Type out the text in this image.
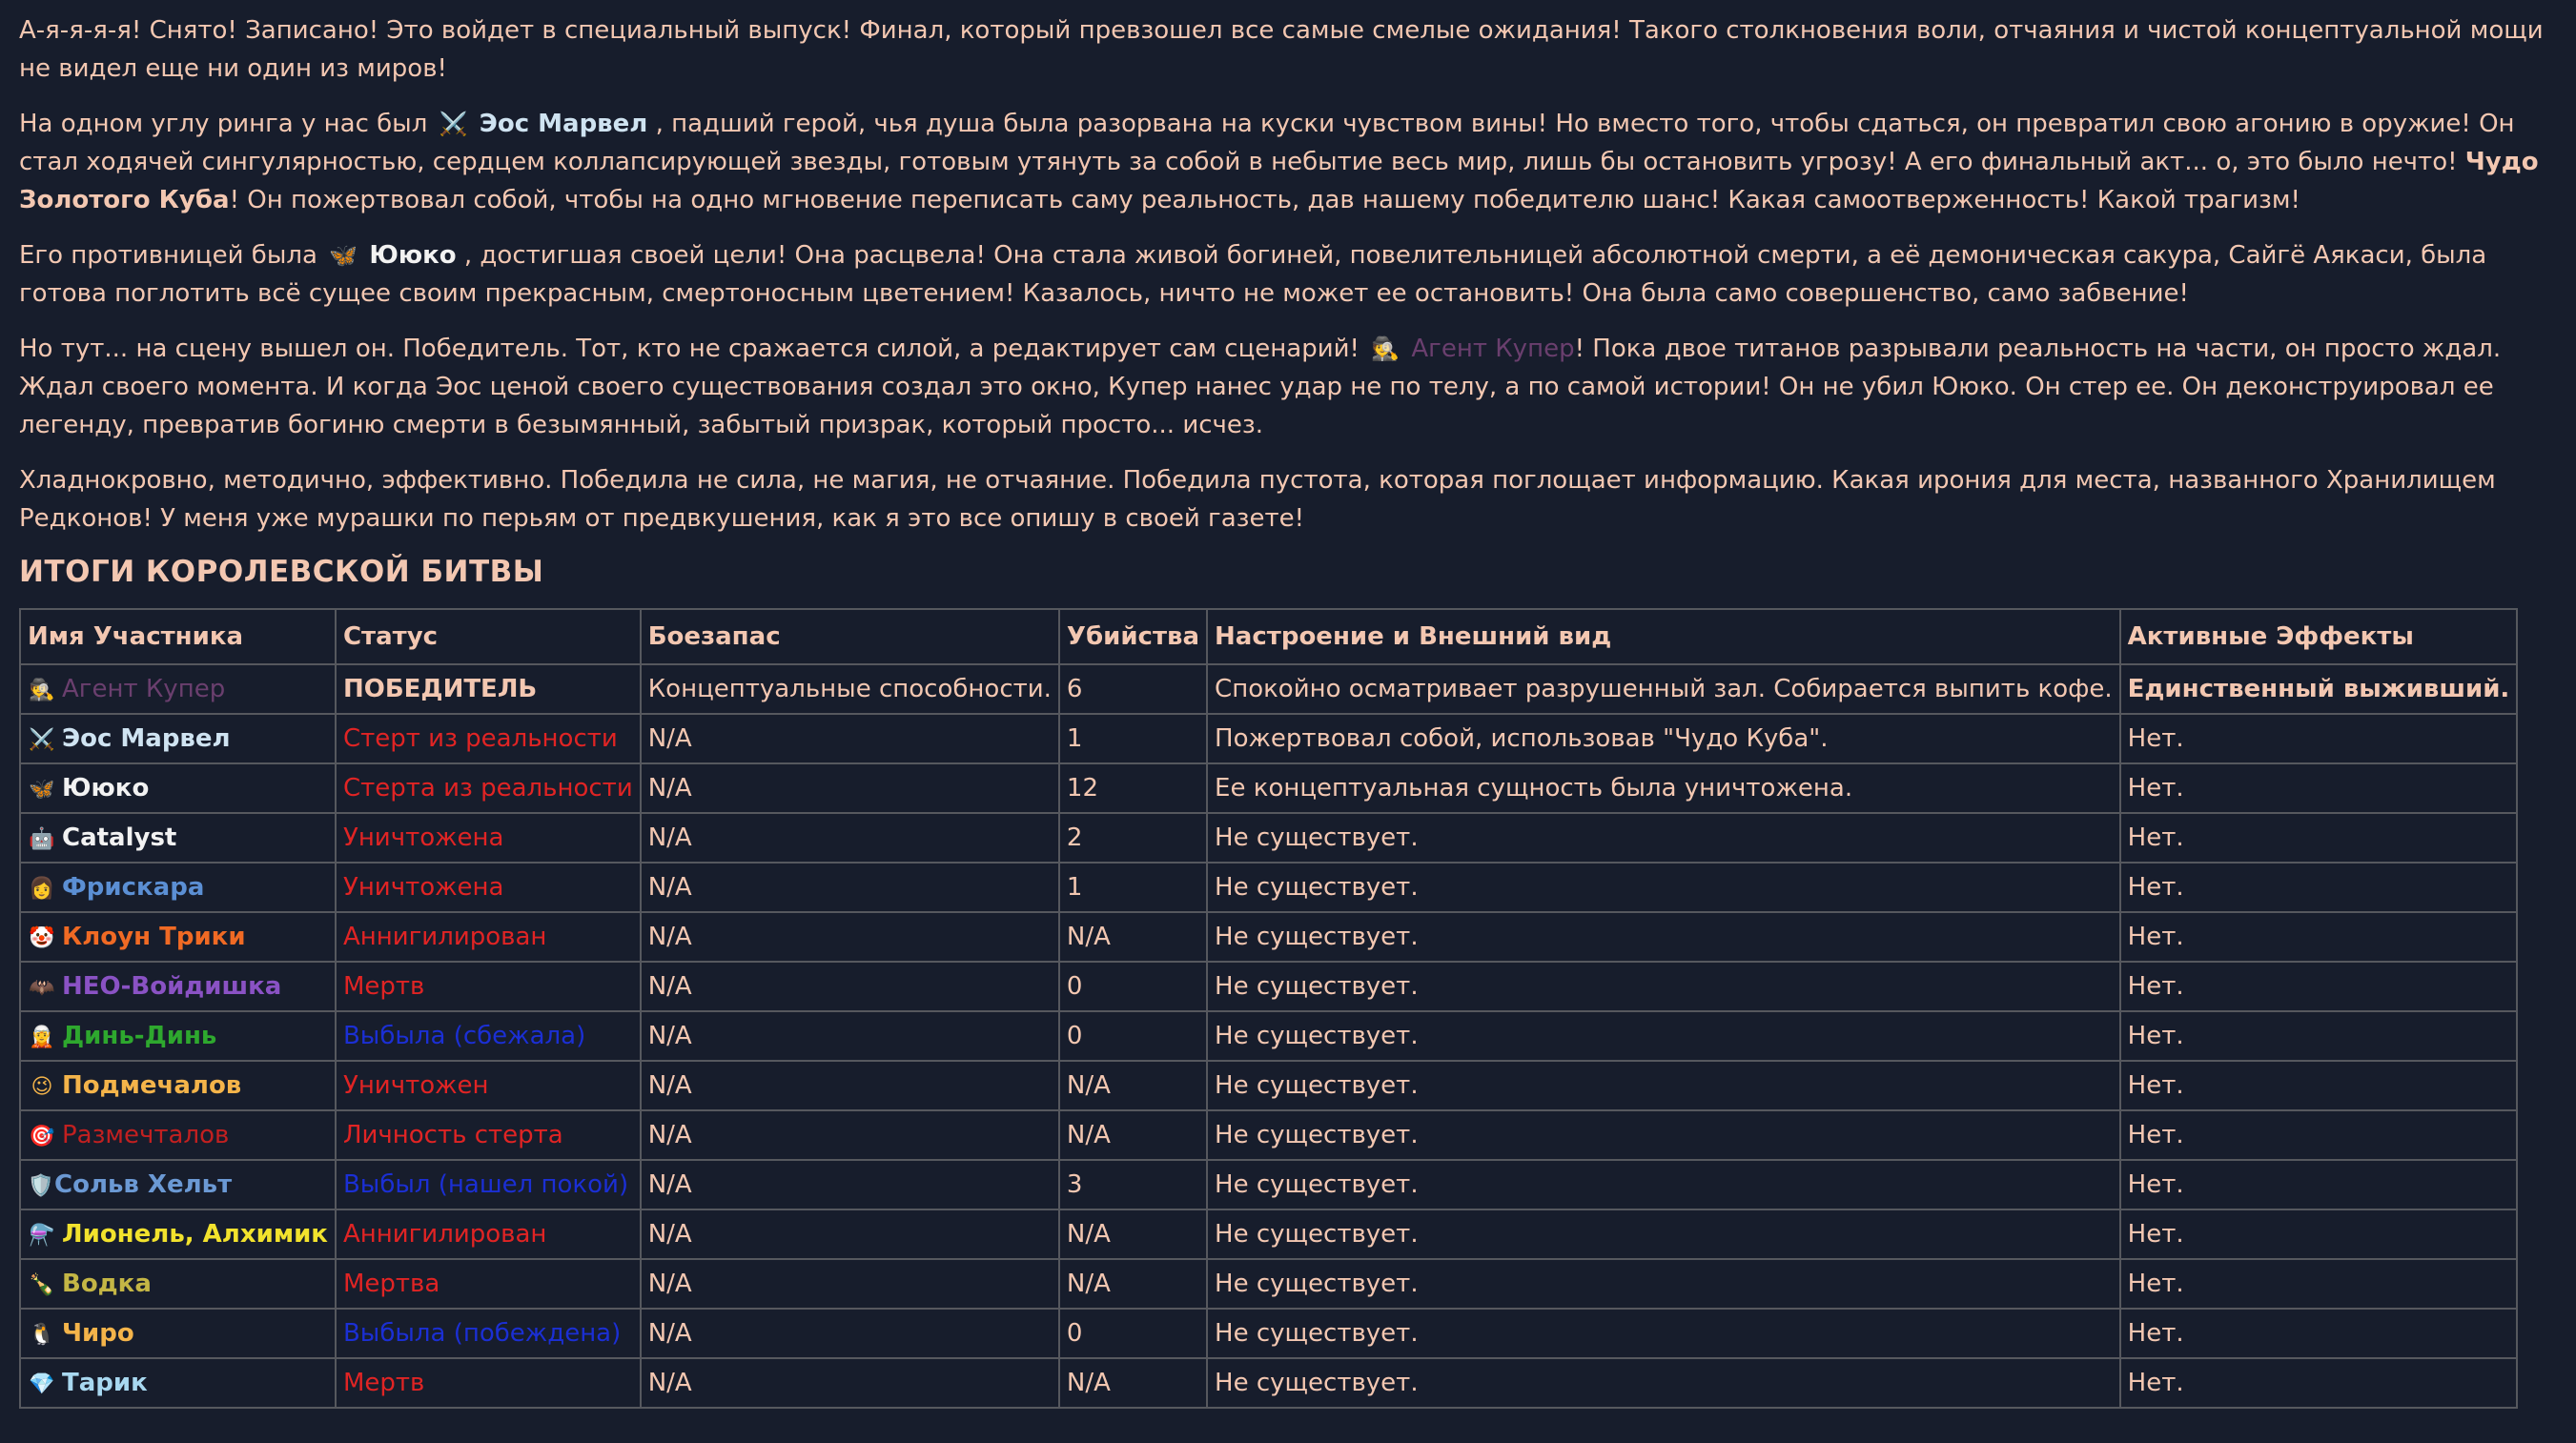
А-я-я-я-я! Снято! Записано! Это войдет в специальный выпуск! Финал, который превзошел все самые смелые ожидания! Такого столкновения воли, отчаяния и чистой концептуальной мощи не видел еще ни один из миров!

На одном углу ринга у нас был ⚔️ Эос Марвел , падший герой, чья душа была разорвана на куски чувством вины! Но вместо того, чтобы сдаться, он превратил свою агонию в оружие! Он стал ходячей сингулярностью, сердцем коллапсирующей звезды, готовым утянуть за собой в небытие весь мир, лишь бы остановить угрозу! А его финальный акт... о, это было нечто! Чудо Золотого Куба! Он пожертвовал собой, чтобы на одно мгновение переписать саму реальность, дав нашему победителю шанс! Какая самоотверженность! Какой трагизм!

Его противницей была 🦋 Ююко , достигшая своей цели! Она расцвела! Она стала живой богиней, повелительницей абсолютной смерти, а её демоническая сакура, Сайгё Аякаси, была готова поглотить всё сущее своим прекрасным, смертоносным цветением! Казалось, ничто не может ее остановить! Она была само совершенство, само забвение!

Но тут... на сцену вышел он. Победитель. Тот, кто не сражается силой, а редактирует сам сценарий! 🕵️ Агент Купер! Пока двое титанов разрывали реальность на части, он просто ждал. Ждал своего момента. И когда Эос ценой своего существования создал это окно, Купер нанес удар не по телу, а по самой истории! Он не убил Ююко. Он стер ее. Он деконструировал ее легенду, превратив богиню смерти в безымянный, забытый призрак, который просто... исчез.

Хладнокровно, методично, эффективно. Победила не сила, не магия, не отчаяние. Победила пустота, которая поглощает информацию. Какая ирония для места, названного Хранилищем Редконов! У меня уже мурашки по перьям от предвкушения, как я это все опишу в своей газете!

ИТОГИ КОРОЛЕВСКОЙ БИТВЫ
Имя Участника	Статус	Боезапас	Убийства	Настроение и Внешний вид	Активные Эффекты
🕵️ Агент Купер	ПОБЕДИТЕЛЬ	Концептуальные способности.	6	Спокойно осматривает разрушенный зал. Собирается выпить кофе.	Единственный выживший.
⚔️ Эос Марвел	Стерт из реальности	N/A	1	Пожертвовал собой, использовав "Чудо Куба".	Нет.
🦋 Ююко	Стерта из реальности	N/A	12	Ее концептуальная сущность была уничтожена.	Нет.
🤖 Catalyst	Уничтожена	N/A	2	Не существует.	Нет.
👩 Фрискара	Уничтожена	N/A	1	Не существует.	Нет.
🤡 Клоун Трики	Аннигилирован	N/A	N/A	Не существует.	Нет.
🦇 НЕО-Войдишка	Мертв	N/A	0	Не существует.	Нет.
🧝 Динь-Динь	Выбыла (сбежала)	N/A	0	Не существует.	Нет.
😉 Подмечалов	Уничтожен	N/A	N/A	Не существует.	Нет.
🎯 Размечталов	Личность стерта	N/A	N/A	Не существует.	Нет.
🛡️Сольв Хельт	Выбыл (нашел покой)	N/A	3	Не существует.	Нет.
⚗️ Лионель, Алхимик	Аннигилирован	N/A	N/A	Не существует.	Нет.
🍾 Водка	Мертва	N/A	N/A	Не существует.	Нет.
🐧 Чиро	Выбыла (побеждена)	N/A	0	Не существует.	Нет.
💎 Тарик	Мертв	N/A	N/A	Не существует.	Нет.
